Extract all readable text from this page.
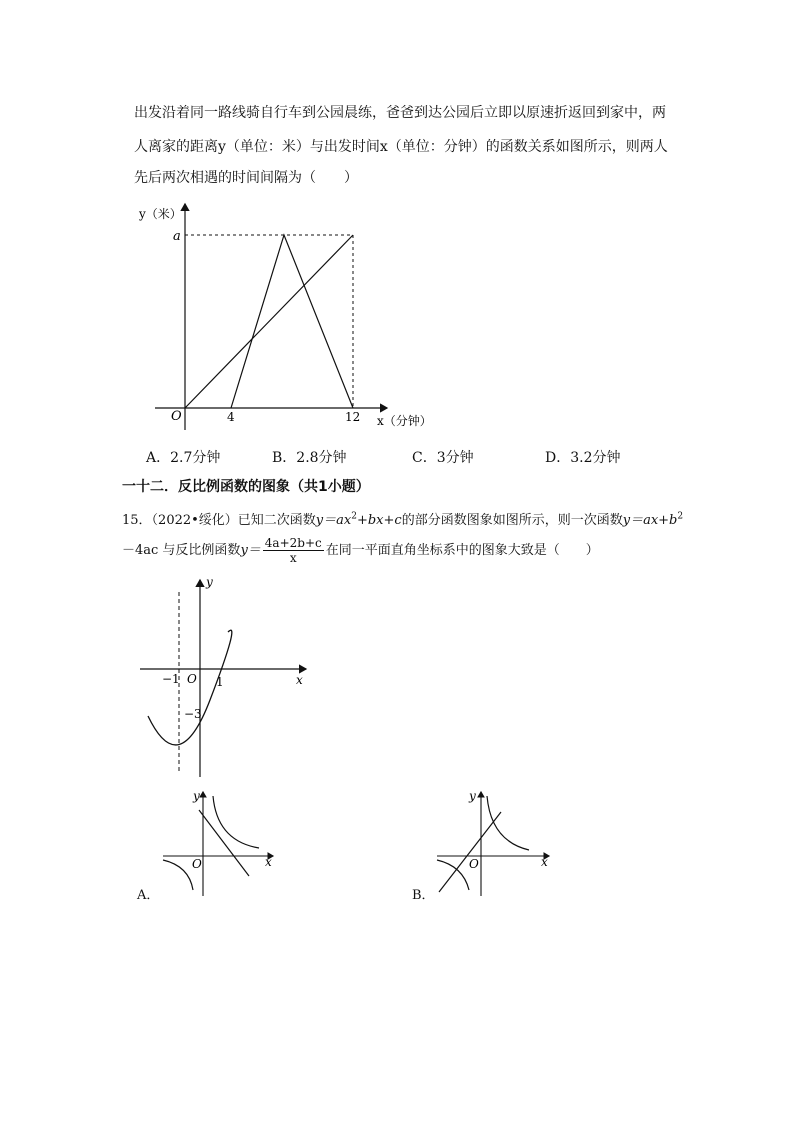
出发沿着同一路线骑自行车到公园晨练，爸爸到达公园后立即以原速折返回到家中，两
人离家的距离y（单位：米）与出发时间x（单位：分钟）的函数关系如图所示，则两人
先后两次相遇的时间间隔为（　　）
y（米）
a
O	4	12 x（分钟）
A．2.7分钟	B．2.8分钟	C．3分钟	D．3.2分钟
一十二．反比例函数的图象（共1小题）
15．（2022•绥化）已知二次函数$y=ax^2+bx+c$的部分函数图象如图所示，则一次函数$y=ax+b^2$
－4ac 与反比例函数$y= \frac{4a+2b+c}{x}$ 在同一平面直角坐标系中的图象大致是（　　）
y
x
O
−1	1
−3
y
x
O
A．
y
x
O
B．
